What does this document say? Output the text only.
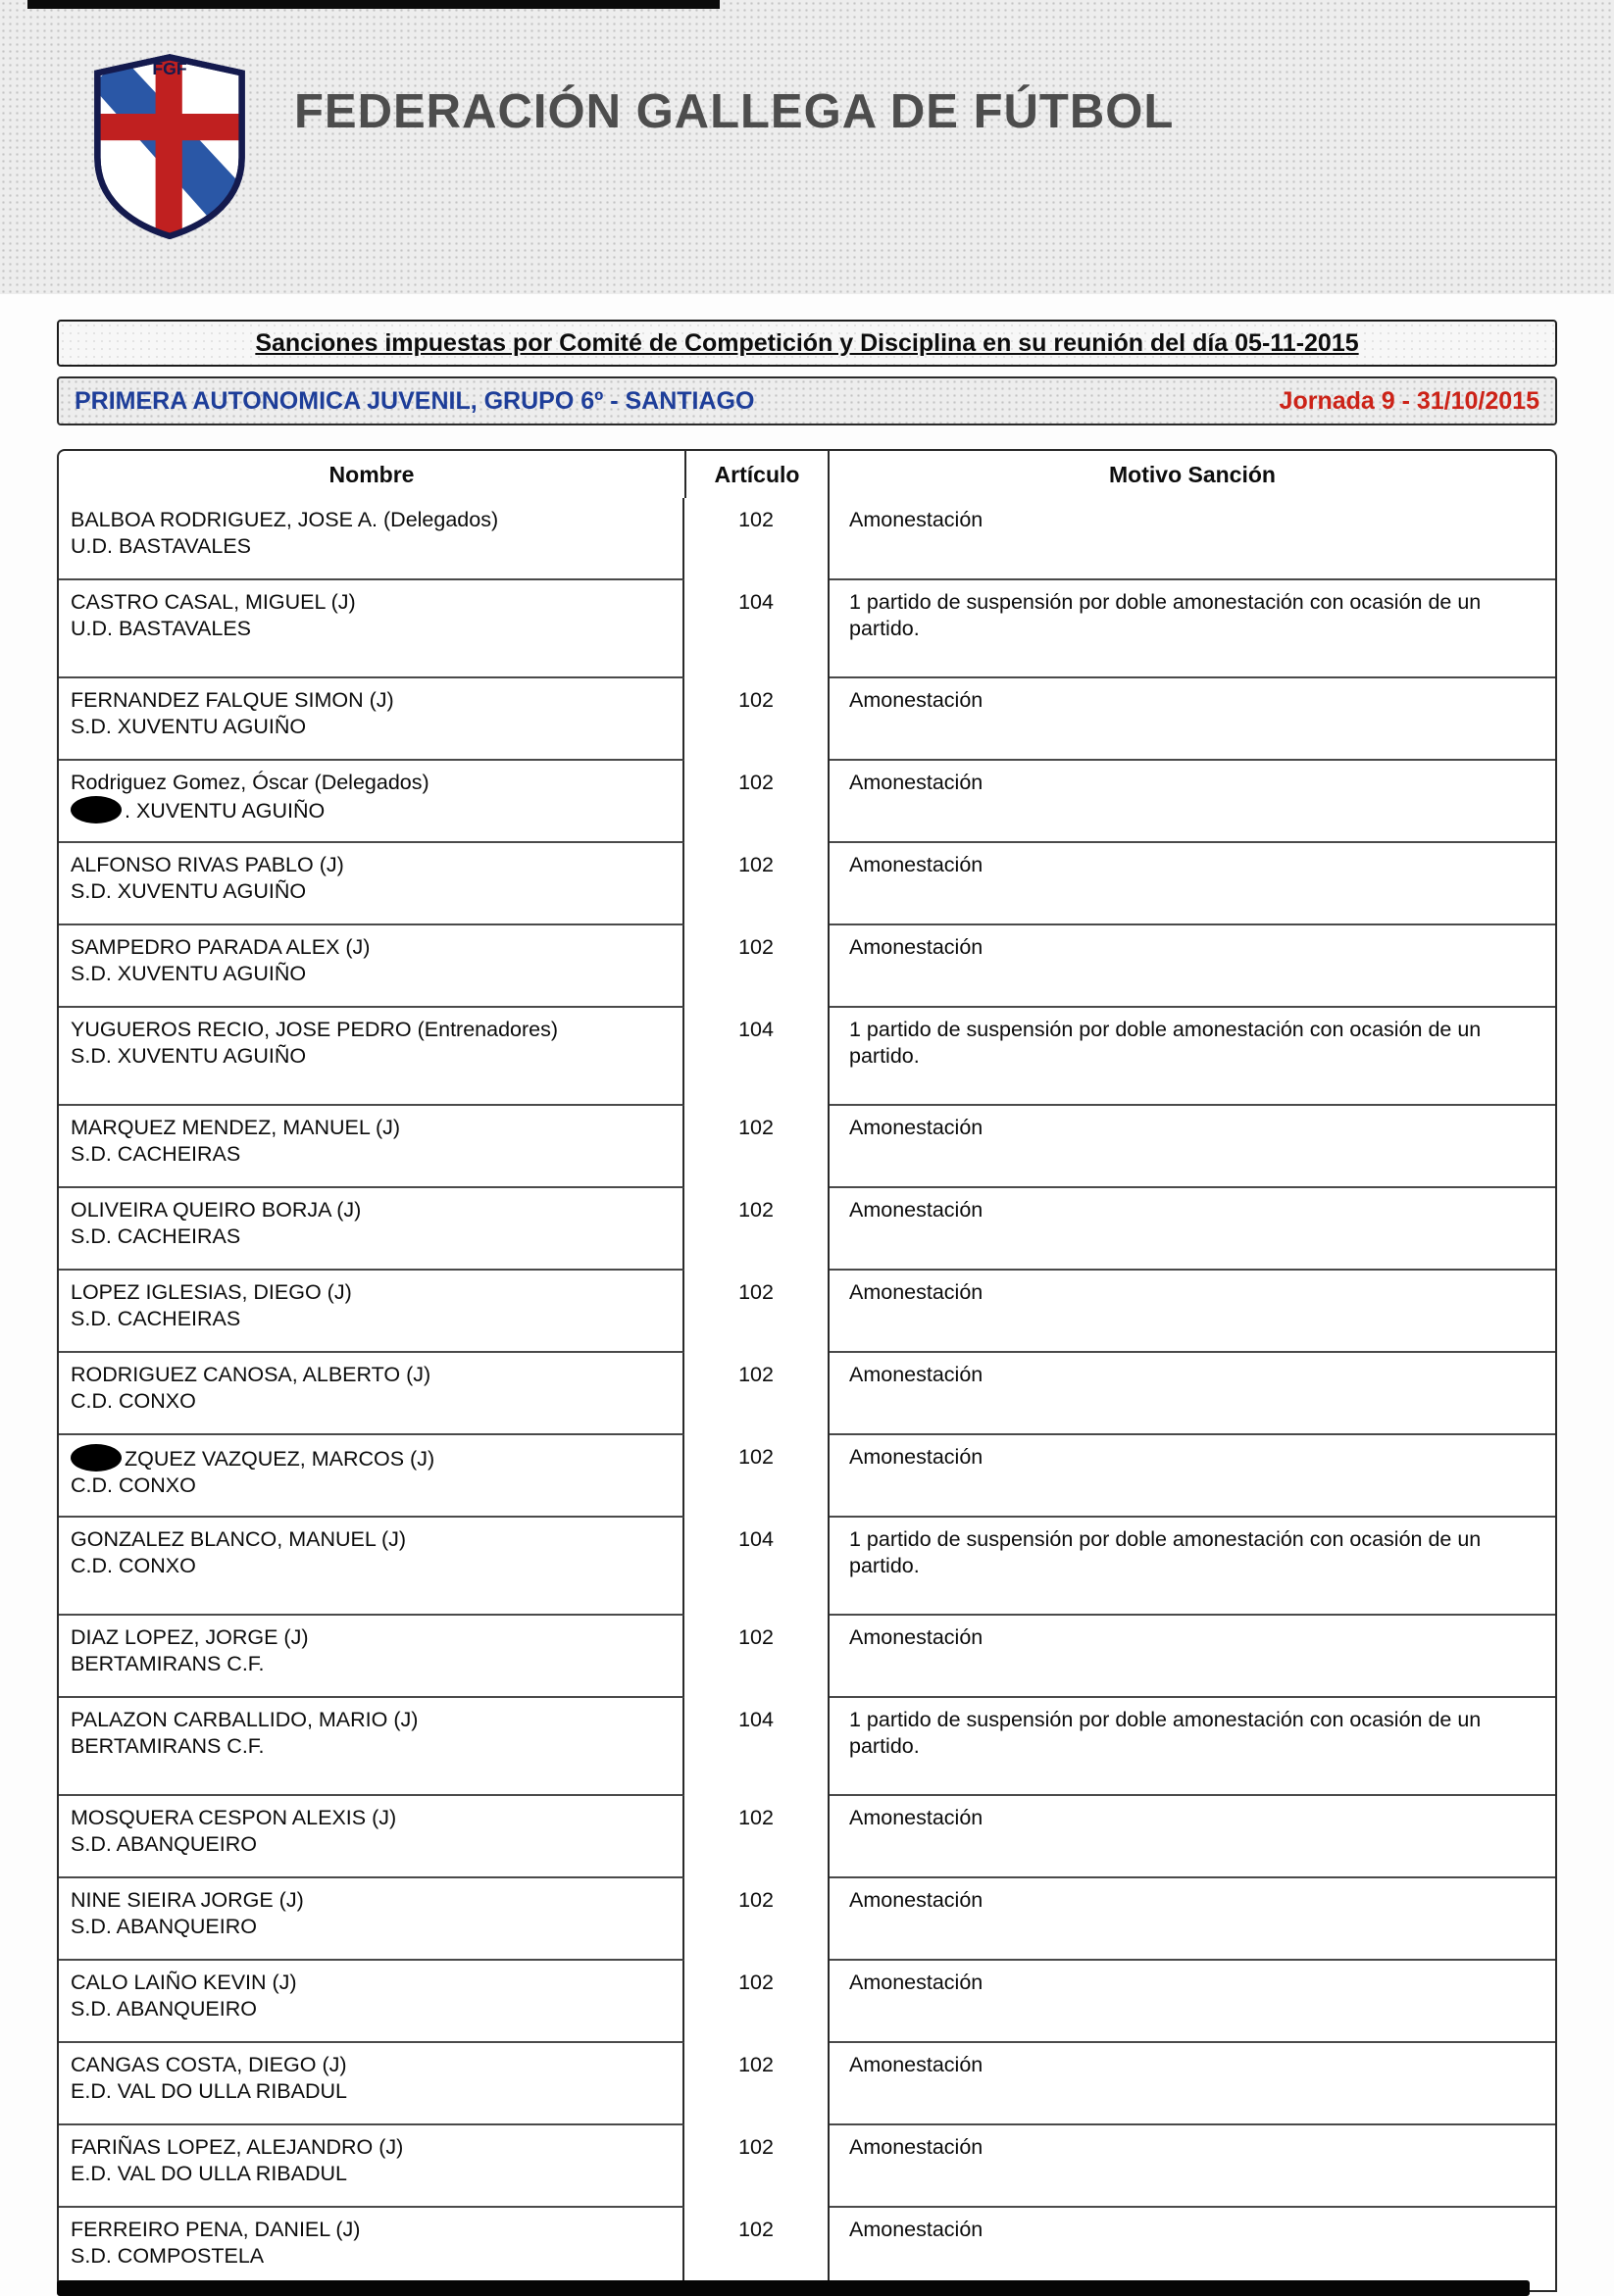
FGF
FEDERACIÓN GALLEGA DE FÚTBOL
Sanciones impuestas por Comité de Competición y Disciplina en su reunión del día 05-11-2015
PRIMERA AUTONOMICA JUVENIL, GRUPO 6º - SANTIAGO	Jornada 9 - 31/10/2015
Nombre	Artículo	Motivo Sanción
BALBOA RODRIGUEZ, JOSE A. (Delegados)
U.D. BASTAVALES
102	Amonestación
CASTRO CASAL, MIGUEL (J)
U.D. BASTAVALES
104	1 partido de suspensión por doble amonestación con ocasión de un partido.
FERNANDEZ FALQUE SIMON (J)
S.D. XUVENTU AGUIÑO
102	Amonestación
Rodriguez Gomez, Óscar (Delegados)
. XUVENTU AGUIÑO
102	Amonestación
ALFONSO RIVAS PABLO (J)
S.D. XUVENTU AGUIÑO
102	Amonestación
SAMPEDRO PARADA ALEX (J)
S.D. XUVENTU AGUIÑO
102	Amonestación
YUGUEROS RECIO, JOSE PEDRO (Entrenadores)
S.D. XUVENTU AGUIÑO
104	1 partido de suspensión por doble amonestación con ocasión de un partido.
MARQUEZ MENDEZ, MANUEL (J)
S.D. CACHEIRAS
102	Amonestación
OLIVEIRA QUEIRO BORJA (J)
S.D. CACHEIRAS
102	Amonestación
LOPEZ IGLESIAS, DIEGO (J)
S.D. CACHEIRAS
102	Amonestación
RODRIGUEZ CANOSA, ALBERTO (J)
C.D. CONXO
102	Amonestación
ZQUEZ VAZQUEZ, MARCOS (J)
C.D. CONXO
102	Amonestación
GONZALEZ BLANCO, MANUEL (J)
C.D. CONXO
104	1 partido de suspensión por doble amonestación con ocasión de un partido.
DIAZ LOPEZ, JORGE (J)
BERTAMIRANS C.F.
102	Amonestación
PALAZON CARBALLIDO, MARIO (J)
BERTAMIRANS C.F.
104	1 partido de suspensión por doble amonestación con ocasión de un partido.
MOSQUERA CESPON ALEXIS (J)
S.D. ABANQUEIRO
102	Amonestación
NINE SIEIRA JORGE (J)
S.D. ABANQUEIRO
102	Amonestación
CALO LAIÑO KEVIN (J)
S.D. ABANQUEIRO
102	Amonestación
CANGAS COSTA, DIEGO (J)
E.D. VAL DO ULLA RIBADUL
102	Amonestación
FARIÑAS LOPEZ, ALEJANDRO (J)
E.D. VAL DO ULLA RIBADUL
102	Amonestación
FERREIRO PENA, DANIEL (J)
S.D. COMPOSTELA
102	Amonestación
